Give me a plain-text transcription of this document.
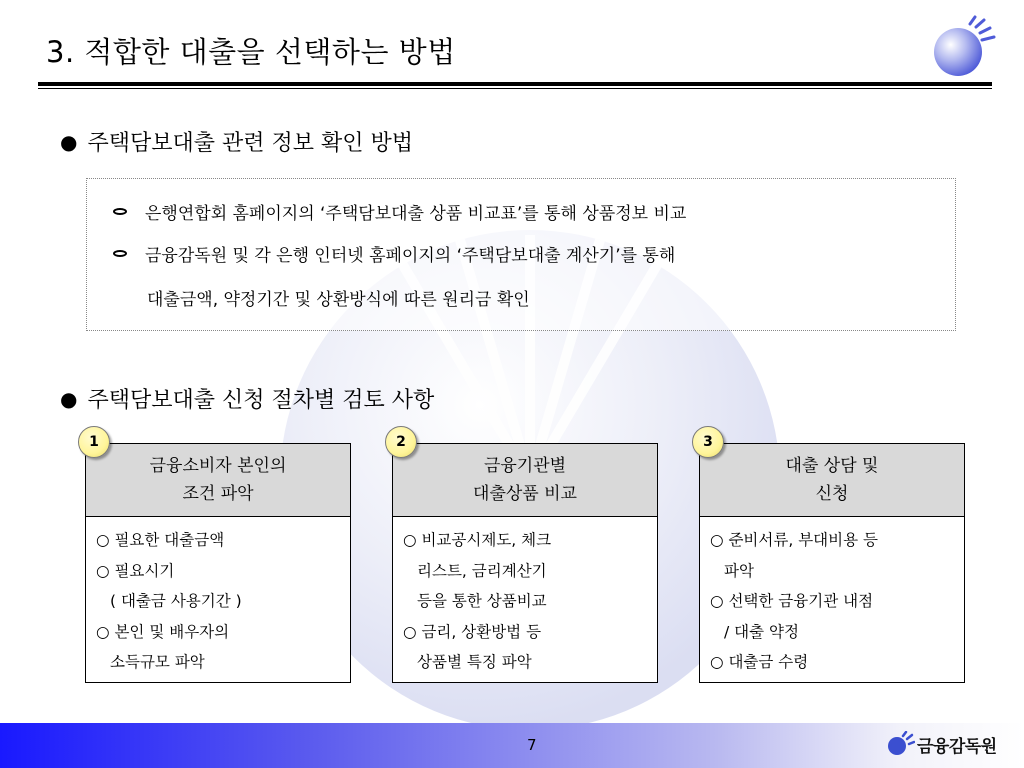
3. 적합한 대출을 선택하는 방법
● 주택담보대출 관련 정보 확인 방법
은행연합회 홈페이지의 ‘주택담보대출 상품 비교표’를 통해 상품정보 비교
금융감독원 및 각 은행 인터넷 홈페이지의 ‘주택담보대출 계산기’를 통해
대출금액, 약정기간 및 상환방식에 따른 원리금 확인
● 주택담보대출 신청 절차별 검토 사항
1
금융소비자 본인의
조건 파악
○ 필요한 대출금액
○ 필요시기
( 대출금 사용기간 )
○ 본인 및 배우자의
소득규모 파악
2
금융기관별
대출상품 비교
○ 비교공시제도, 체크
리스트, 금리계산기
등을 통한 상품비교
○ 금리, 상환방법 등
상품별 특징 파악
3
대출 상담 및
신청
○ 준비서류, 부대비용 등
파악
○ 선택한 금융기관 내점
/ 대출 약정
○ 대출금 수령
7	금융감독원
